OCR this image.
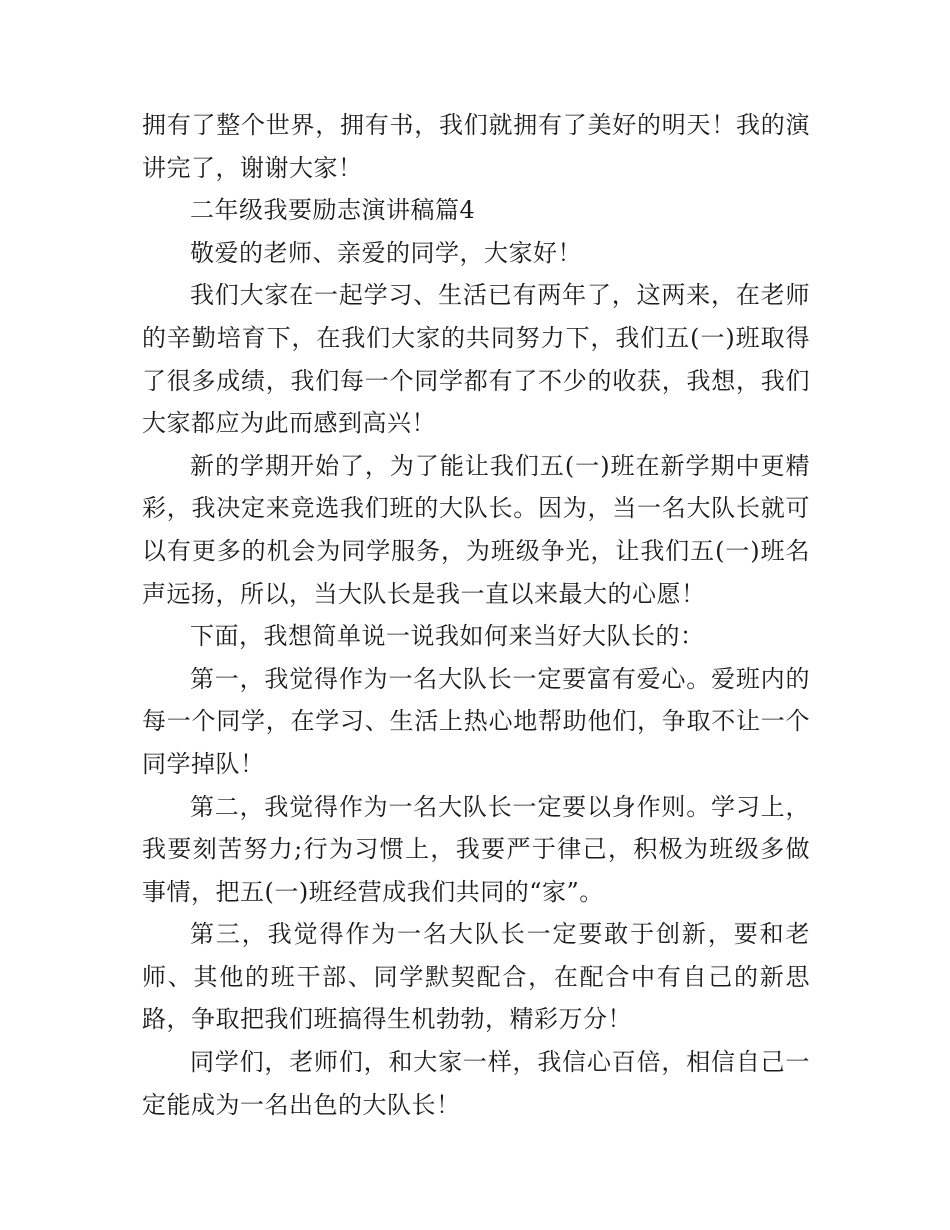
拥有了整个世界，拥有书，我们就拥有了美好的明天！我的演讲完了，谢谢大家！

二年级我要励志演讲稿篇4

敬爱的老师、亲爱的同学，大家好！

我们大家在一起学习、生活已有两年了，这两来，在老师的辛勤培育下，在我们大家的共同努力下，我们五(一)班取得了很多成绩，我们每一个同学都有了不少的收获，我想，我们大家都应为此而感到高兴！

新的学期开始了，为了能让我们五(一)班在新学期中更精彩，我决定来竞选我们班的大队长。因为，当一名大队长就可以有更多的机会为同学服务，为班级争光，让我们五(一)班名声远扬，所以，当大队长是我一直以来最大的心愿！

下面，我想简单说一说我如何来当好大队长的：

第一，我觉得作为一名大队长一定要富有爱心。爱班内的每一个同学，在学习、生活上热心地帮助他们，争取不让一个同学掉队！

第二，我觉得作为一名大队长一定要以身作则。学习上，我要刻苦努力;行为习惯上，我要严于律己，积极为班级多做事情，把五(一)班经营成我们共同的“家”。

第三，我觉得作为一名大队长一定要敢于创新，要和老师、其他的班干部、同学默契配合，在配合中有自己的新思路，争取把我们班搞得生机勃勃，精彩万分！

同学们，老师们，和大家一样，我信心百倍，相信自己一定能成为一名出色的大队长！
